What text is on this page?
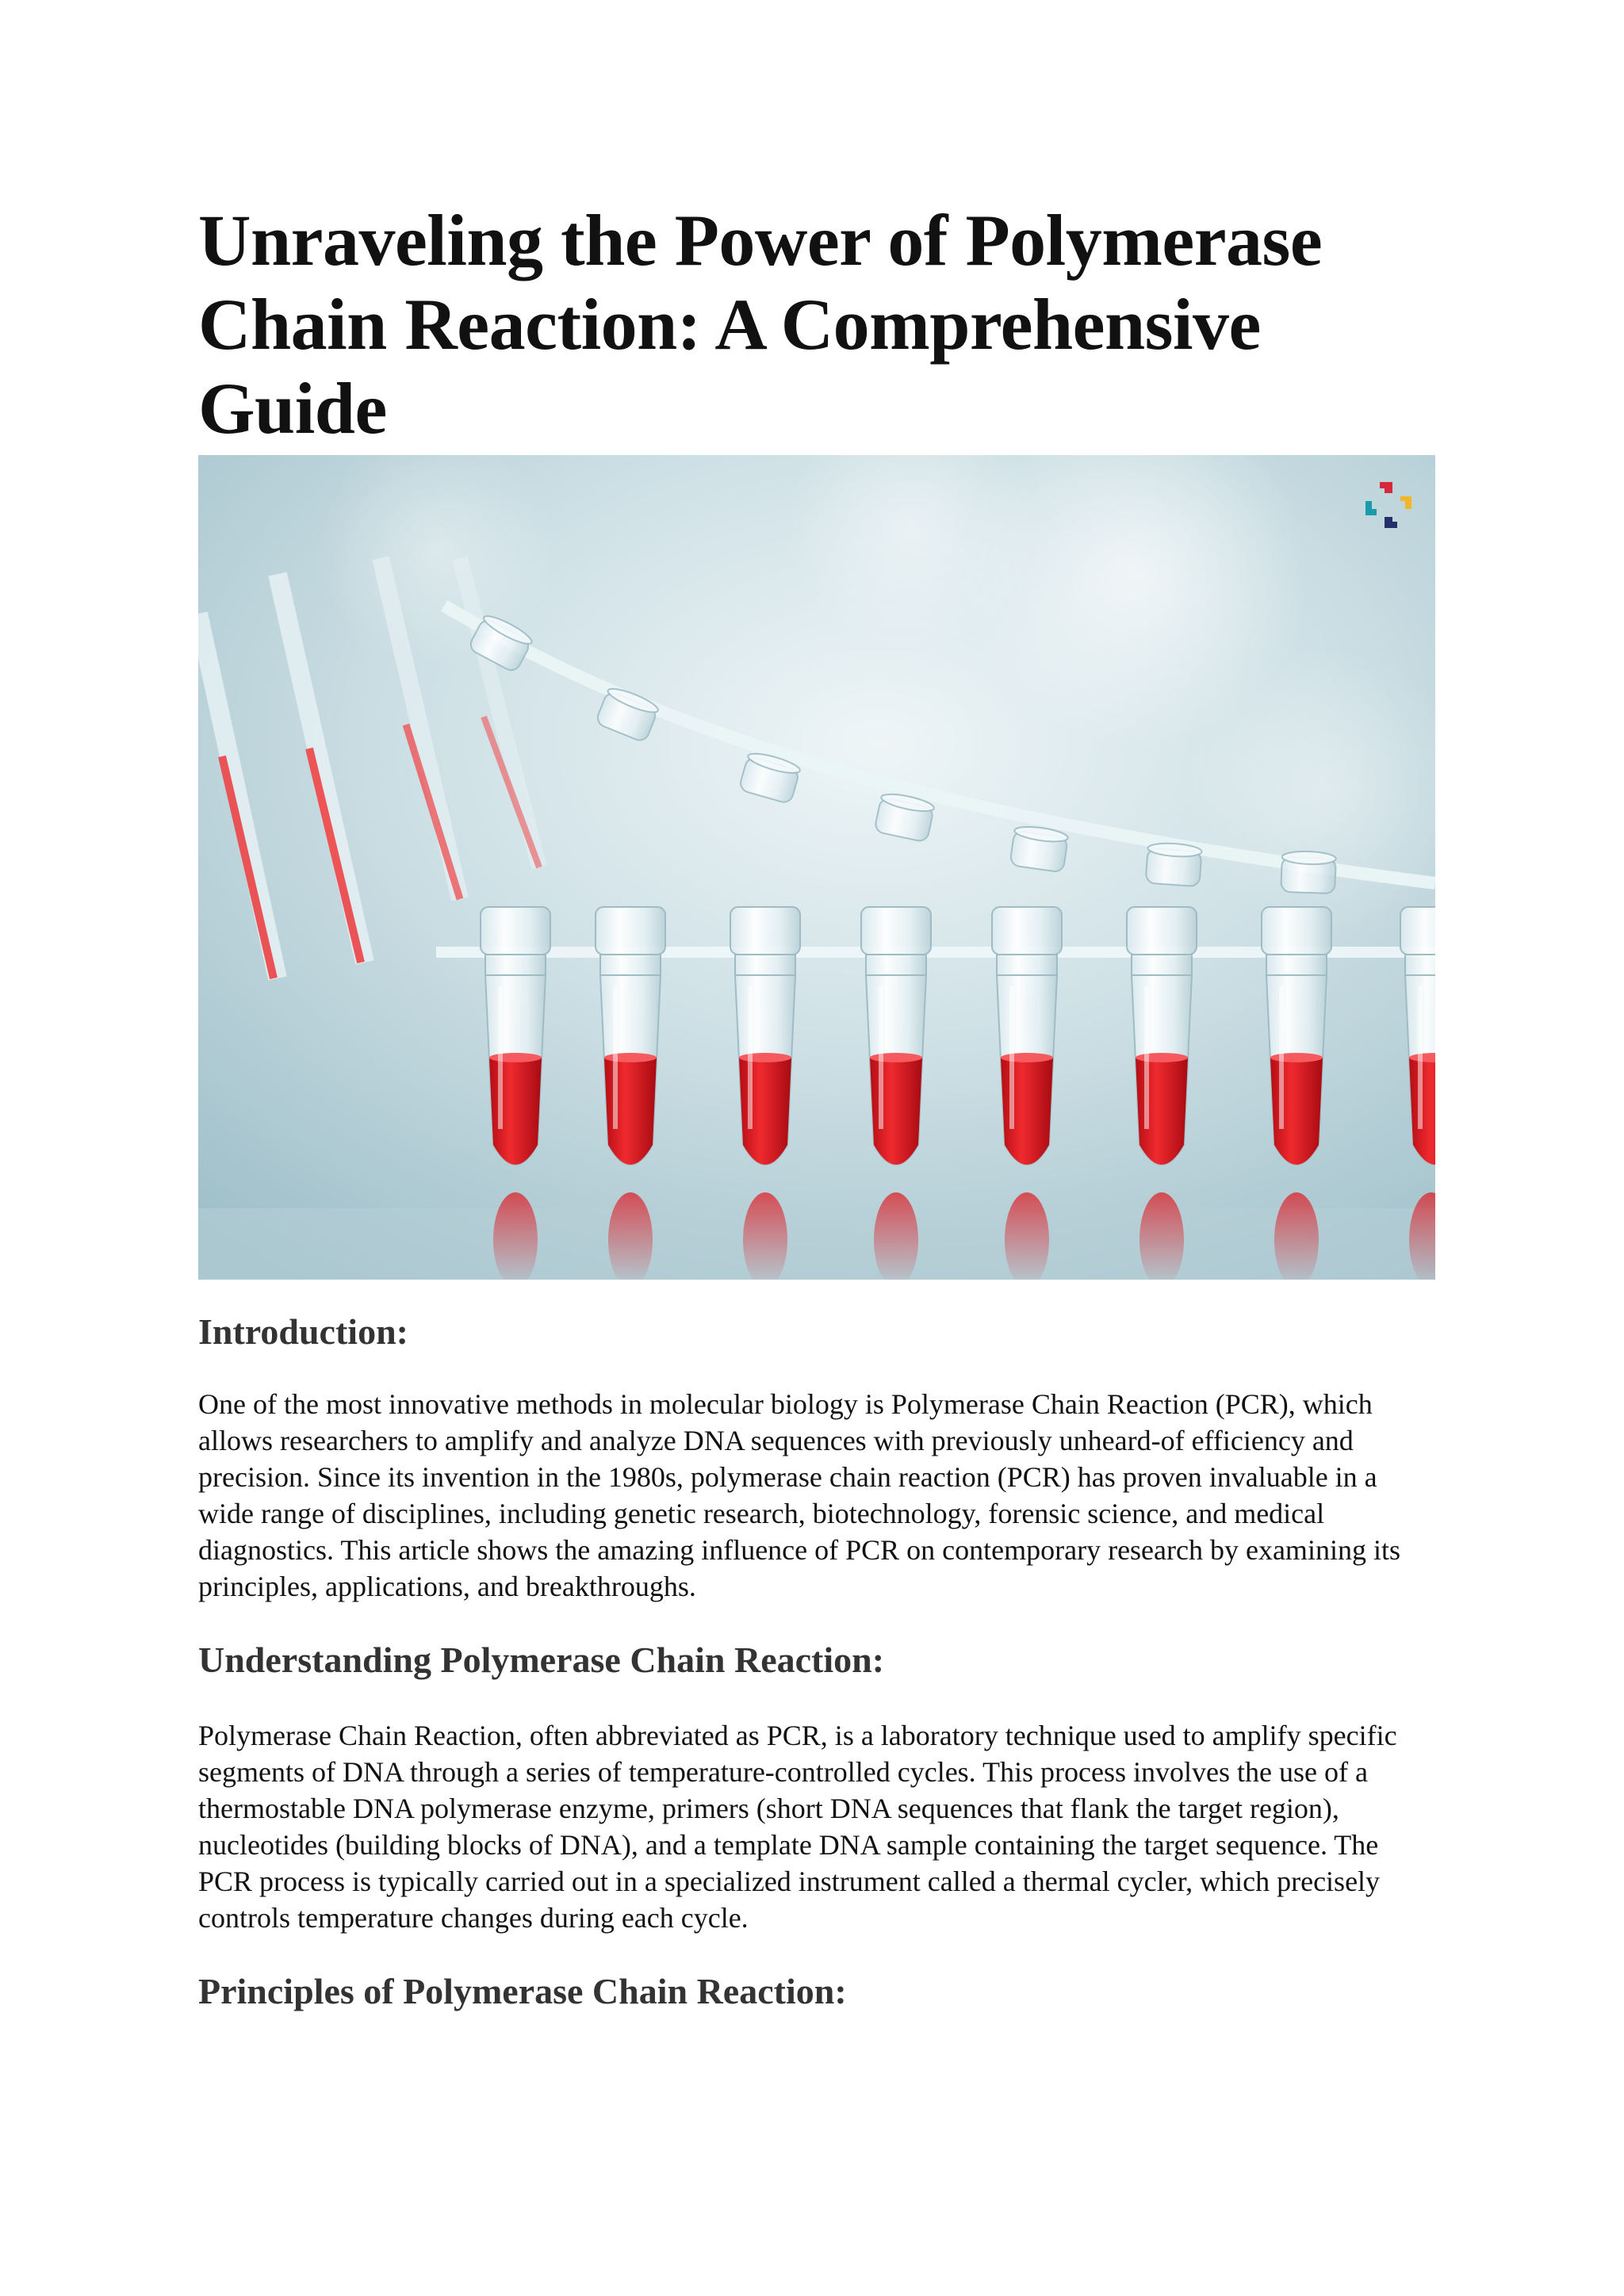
Unraveling the Power of Polymerase Chain Reaction: A Comprehensive Guide
Introduction:

One of the most innovative methods in molecular biology is Polymerase Chain Reaction (PCR), which allows researchers to amplify and analyze DNA sequences with previously unheard-of efficiency and precision. Since its invention in the 1980s, polymerase chain reaction (PCR) has proven invaluable in a wide range of disciplines, including genetic research, biotechnology, forensic science, and medical diagnostics. This article shows the amazing influence of PCR on contemporary research by examining its principles, applications, and breakthroughs.

Understanding Polymerase Chain Reaction:

Polymerase Chain Reaction, often abbreviated as PCR, is a laboratory technique used to amplify specific segments of DNA through a series of temperature-controlled cycles. This process involves the use of a thermostable DNA polymerase enzyme, primers (short DNA sequences that flank the target region), nucleotides (building blocks of DNA), and a template DNA sample containing the target sequence. The PCR process is typically carried out in a specialized instrument called a thermal cycler, which precisely controls temperature changes during each cycle.

Principles of Polymerase Chain Reaction:
